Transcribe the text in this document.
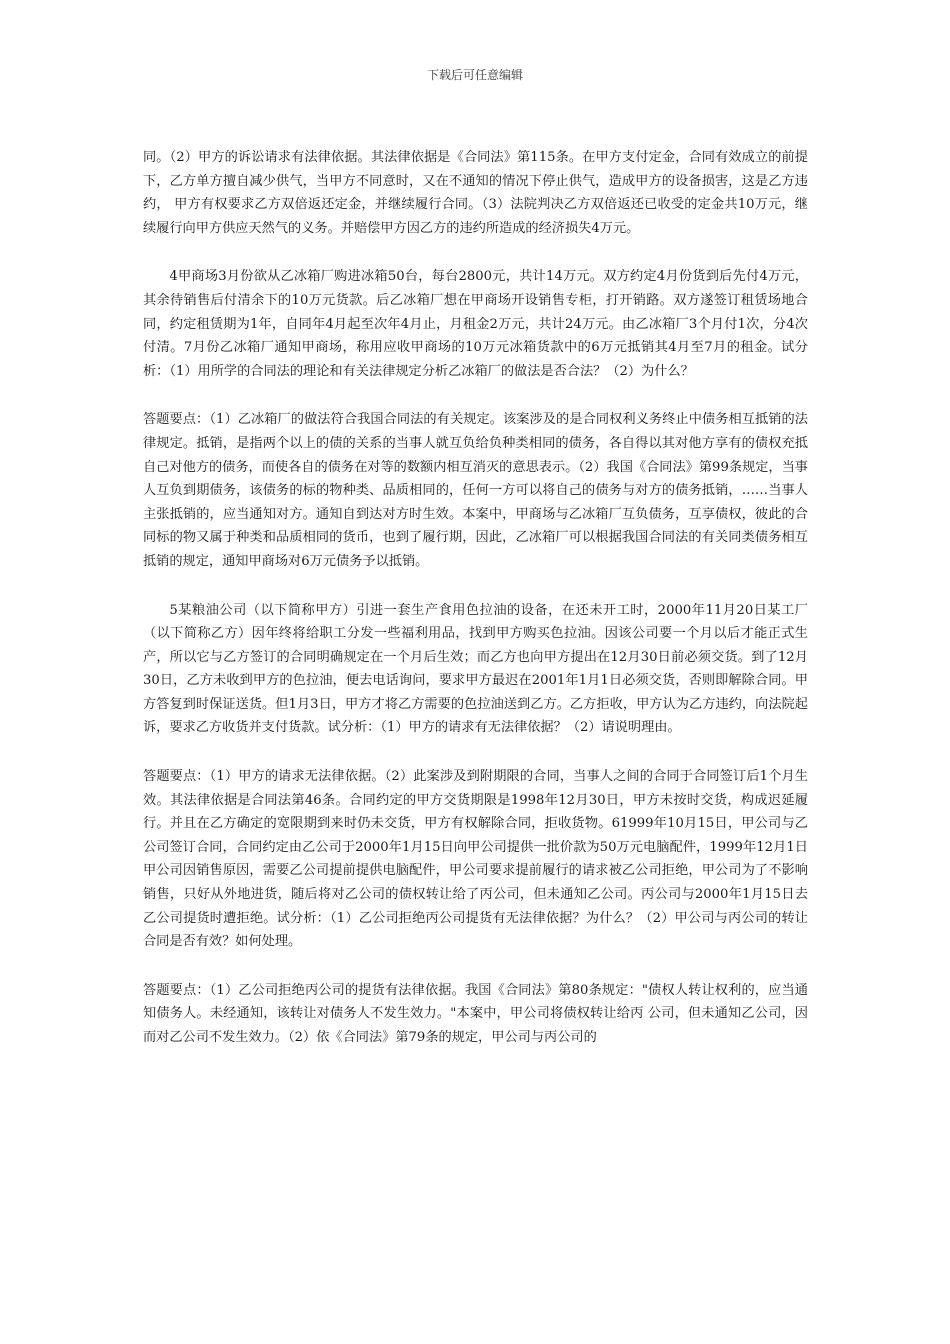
下载后可任意编辑

同。（2）甲方的诉讼请求有法律依据。其法律依据是《合同法》第115条。在甲方支付定金，合同有效成立的前提下，乙方单方擅自减少供气，当甲方不同意时，又在不通知的情况下停止供气，造成甲方的设备损害，这是乙方违约， 甲方有权要求乙方双倍返还定金，并继续履行合同。（3）法院判决乙方双倍返还已收受的定金共10万元，继续履行向甲方供应天然气的义务。并赔偿甲方因乙方的违约所造成的经济损失4万元。

4甲商场3月份欲从乙冰箱厂购进冰箱50台，每台2800元，共计14万元。双方约定4月份货到后先付4万元，其余待销售后付清余下的10万元货款。后乙冰箱厂想在甲商场开设销售专柜，打开销路。双方遂签订租赁场地合同，约定租赁期为1年，自同年4月起至次年4月止，月租金2万元，共计24万元。由乙冰箱厂3个月付1次，分4次付清。7月份乙冰箱厂通知甲商场，称用应收甲商场的10万元冰箱货款中的6万元抵销其4月至7月的租金。试分析：（1）用所学的合同法的理论和有关法律规定分析乙冰箱厂的做法是否合法？（2）为什么？

答题要点：（1）乙冰箱厂的做法符合我国合同法的有关规定。该案涉及的是合同权利义务终止中债务相互抵销的法律规定。抵销，是指两个以上的债的关系的当事人就互负给负种类相同的债务，各自得以其对他方享有的债权充抵自己对他方的债务，而使各自的债务在对等的数额内相互消灭的意思表示。（2）我国《合同法》第99条规定，当事人互负到期债务，该债务的标的物种类、品质相同的，任何一方可以将自己的债务与对方的债务抵销，……当事人主张抵销的，应当通知对方。通知自到达对方时生效。本案中，甲商场与乙冰箱厂互负债务，互享债权，彼此的合同标的物又属于种类和品质相同的货币，也到了履行期，因此，乙冰箱厂可以根据我国合同法的有关同类债务相互抵销的规定，通知甲商场对6万元债务予以抵销。

5某粮油公司（以下简称甲方）引进一套生产食用色拉油的设备，在还未开工时，2000年11月20日某工厂（以下简称乙方）因年终将给职工分发一些福利用品，找到甲方购买色拉油。因该公司要一个月以后才能正式生产，所以它与乙方签订的合同明确规定在一个月后生效；而乙方也向甲方提出在12月30日前必须交货。到了12月30日，乙方未收到甲方的色拉油，便去电话询问，要求甲方最迟在2001年1月1日必须交货，否则即解除合同。甲方答复到时保证送货。但1月3日，甲方才将乙方需要的色拉油送到乙方。乙方拒收，甲方认为乙方违约，向法院起诉，要求乙方收货并支付货款。试分析：（1）甲方的请求有无法律依据？（2）请说明理由。

答题要点：（1）甲方的请求无法律依据。（2）此案涉及到附期限的合同，当事人之间的合同于合同签订后1个月生效。其法律依据是合同法第46条。合同约定的甲方交货期限是1998年12月30日，甲方未按时交货，构成迟延履行。并且在乙方确定的宽限期到来时仍未交货，甲方有权解除合同，拒收货物。61999年10月15日，甲公司与乙公司签订合同，合同约定由乙公司于2000年1月15日向甲公司提供一批价款为50万元电脑配件，1999年12月1日甲公司因销售原因，需要乙公司提前提供电脑配件，甲公司要求提前履行的请求被乙公司拒绝，甲公司为了不影响销售，只好从外地进货，随后将对乙公司的债权转让给了丙公司，但未通知乙公司。丙公司与2000年1月15日去乙公司提货时遭拒绝。试分析：（1）乙公司拒绝丙公司提货有无法律依据？为什么？（2）甲公司与丙公司的转让合同是否有效？如何处理。

答题要点：（1）乙公司拒绝丙公司的提货有法律依据。我国《合同法》第80条规定："债权人转让权利的，应当通知债务人。未经通知，该转让对债务人不发生效力。"本案中，甲公司将债权转让给丙 公司，但未通知乙公司，因而对乙公司不发生效力。（2）依《合同法》第79条的规定，甲公司与丙公司的
